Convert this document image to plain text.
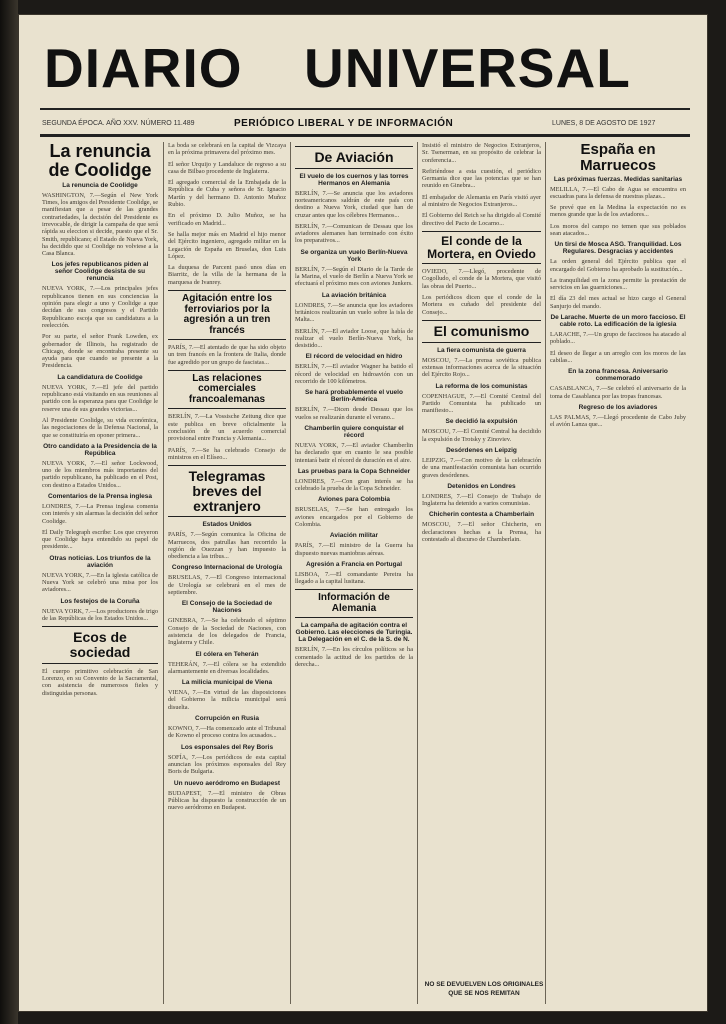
DIARIO UNIVERSAL
SEGUNDA ÉPOCA. AÑO XXV. NÚMERO 11.489	PERIÓDICO LIBERAL Y DE INFORMACIÓN	LUNES, 8 DE AGOSTO DE 1927
La renuncia de Coolidge
La renuncia de Coolidge

WASHINGTON, 7.—Según el New York Times, los amigos del Presidente Coolidge, se manifiestan que a pesar de las grandes contrariedades, la decisión del Presidente es irrevocable, de dirigir la campaña de que será rápida su eleccion si decide, puesto que el Sr. Smith, republicano; el Estado de Nueva York, ha decidido que si Coolidge no volviese a la Casa Blanca.

Los jefes republicanos piden al señor Coolidge desista de su renuncia

NUEVA YORK, 7.—Los principales jefes republicanos tienen en sus conciencias la opinión para elegir a uno y Coolidge a que decidan de sus congresos y el Partido Republicano escoja que su candidatura a la reelección.

Por su parte, el señor Frank Lowden, ex gobernador de Illinois, ha registrado de Chicago, donde se encontraba presente su ayuda para que cuando se presente a la Presidencia.

La candidatura de Coolidge

NUEVA YORK, 7.—El jefe del partido republicano está visitando en sus reuniones al partido con la esperanza para que Coolidge le reserve una de sus grandes victorias...

Al Presidente Coolidge, su vida económica, las negociaciones de la Defensa Nacional, la que se constituiría en oponer primera...

Otro candidato a la Presidencia de la República

NUEVA YORK, 7.—El señor Lockwood, uno de los miembros más importantes del partido republicano, ha publicado en el Post, con destino a Estados Unidos...

Comentarios de la Prensa inglesa

LONDRES, 7.—La Prensa inglesa comenta con interés y sin alarmas la decisión del señor Coolidge.

El Daily Telegraph escribe: Los que creyeron que Coolidge haya entendido su papel de presidente...

Otras noticias. Los triunfos de la aviación

NUEVA YORK, 7.—En la iglesia católica de Nueva York se celebró una misa por los aviadores...

Los festejos de la Coruña

NUEVA YORK, 7.—Los productores de trigo de las Repúblicas de los Estados Unidos...

Ecos de sociedad

El cuerpo primitivo celebración de San Lorenzo, en su Convento de la Sacramental, con asistencia de numerosos fieles y distinguidas personas.

La boda se celebrará en la capital de Vizcaya en la próxima primavera del próximo mes.

El señor Urquijo y Landaluce de regreso a su casa de Bilbao procedente de Inglaterra.

El agregado comercial de la Embajada de la República de Cuba y señora de Sr. Ignacio Martín y del hermano D. Antonio Muñoz Rubio.

En el próximo D. Julio Muñoz, se ha verificado en Madrid...

Se halla mejor más en Madrid el hijo menor del Ejército ingeniero, agregado militar en la Legación de España en Bruselas, don Luis López.

La duquesa de Parcent pasó unos días en Biarritz, de la villa de la hermana de la marquesa de Ivanrey.

Agitación entre los ferroviarios por la agresión a un tren francés

PARÍS, 7.—El atentado de que ha sido objeto un tren francés en la frontera de Italia, donde fue agredido por un grupo de fascistas...

Las relaciones comerciales francoalemanas

BERLÍN, 7.—La Vossische Zeitung dice que este publica en breve oficialmente la conclusión de un acuerdo comercial provisional entre Francia y Alemania...

PARÍS, 7.—Se ha celebrado Consejo de ministros en el Elíseo...

Telegramas breves del extranjero
Estados Unidos

PARÍS, 7.—Según comunica la Oficina de Marruecos, dos patrullas han recorrido la región de Ouezzan y han impuesto la obediencia a las tribus...

Congreso Internacional de Urología

BRUSELAS, 7.—El Congreso internacional de Urología se celebrará en el mes de septiembre.

El Consejo de la Sociedad de Naciones

GINEBRA, 7.—Se ha celebrado el séptimo Consejo de la Sociedad de Naciones, con asistencia de los delegados de Francia, Inglaterra y Chile.

El cólera en Teherán

TEHERÁN, 7.—El cólera se ha extendido alarmantemente en diversas localidades.

La milicia municipal de Viena

VIENA, 7.—En virtud de las disposiciones del Gobierno la milicia municipal será disuelta.

Corrupción en Rusia

KOWNO, 7.—Ha comenzado ante el Tribunal de Kowno el proceso contra los acusados...

Los esponsales del Rey Boris

SOFÍA, 7.—Los periódicos de esta capital anuncian los próximos esponsales del Rey Boris de Bulgaria.

Un nuevo aeródromo en Budapest

BUDAPEST, 7.—El ministro de Obras Públicas ha dispuesto la construcción de un nuevo aeródromo en Budapest.

De Aviación
El vuelo de los cuernos y las torres Hermanos en Alemania

BERLÍN, 7.—Se anuncia que los aviadores norteamericanos saldrán de este país con destino a Nueva York, ciudad que han de cruzar antes que los célebres Hermanos...

BERLÍN, 7.—Comunican de Dessau que los aviadores alemanes han terminado con éxito los preparativos...

Se organiza un vuelo Berlín-Nueva York

BERLÍN, 7.—Según el Diario de la Tarde de la Marina, el vuelo de Berlín a Nueva York se efectuará el próximo mes con aviones Junkers.

La aviación británica

LONDRES, 7.—Se anuncia que los aviadores británicos realizarán un vuelo sobre la isla de Malta...

BERLÍN, 7.—El aviador Loose, que había de realizar el vuelo Berlín-Nueva York, ha desistido...

El récord de velocidad en hidro

BERLÍN, 7.—El aviador Wagner ha batido el récord de velocidad en hidroavión con un recorrido de 100 kilómetros.

Se hará probablemente el vuelo Berlín-América

BERLÍN, 7.—Dicen desde Dessau que los vuelos se realizarán durante el verano...

Chamberlin quiere conquistar el récord

NUEVA YORK, 7.—El aviador Chamberlin ha declarado que en cuanto le sea posible intentará batir el récord de duración en el aire.

Las pruebas para la Copa Schneider

LONDRES, 7.—Con gran interés se ha celebrado la prueba de la Copa Schneider.

Aviones para Colombia

BRUSELAS, 7.—Se han entregado los aviones encargados por el Gobierno de Colombia.

Aviación militar

PARÍS, 7.—El ministro de la Guerra ha dispuesto nuevas maniobras aéreas.

Agresión a Francia en Portugal

LISBOA, 7.—El comandante Pereira ha llegado a la capital lusitana.

Información de Alemania
La campaña de agitación contra el Gobierno. Las elecciones de Turingia. La Delegación en el C. de la S. de N.

BERLÍN, 7.—En los círculos políticos se ha comentado la actitud de los partidos de la derecha...

Insistió el ministro de Negocios Extranjeros, Sr. Tsenerman, en su propósito de celebrar la conferencia...

Refiriéndose a esta cuestión, el periódico Germania dice que las potencias que se han reunido en Ginebra...

El embajador de Alemania en París visitó ayer al ministro de Negocios Extranjeros...

El Gobierno del Reich se ha dirigido al Comité directivo del Pacto de Locarno...

El conde de la Mortera, en Oviedo

OVIEDO, 7.—Llegó, procedente de Cogolludo, el conde de la Mortera, que visitó las obras del Puerto...

Los periódicos dicen que el conde de la Mortera es cuñado del presidente del Consejo...

El comunismo
La fiera comunista de guerra

MOSCOU, 7.—La prensa soviética publica extensas informaciones acerca de la situación del Ejército Rojo...

La reforma de los comunistas

COPENHAGUE, 7.—El Comité Central del Partido Comunista ha publicado un manifiesto...

Se decidió la expulsión

MOSCOU, 7.—El Comité Central ha decidido la expulsión de Trotsky y Zinoviev.

Desórdenes en Leipzig

LEIPZIG, 7.—Con motivo de la celebración de una manifestación comunista han ocurrido graves desórdenes.

Detenidos en Londres

LONDRES, 7.—El Consejo de Trabajo de Inglaterra ha detenido a varios comunistas.

Chicherin contesta a Chamberlain

MOSCOU, 7.—El señor Chicherin, en declaraciones hechas a la Prensa, ha contestado al discurso de Chamberlain.

NO SE DEVUELVEN LOS ORIGINALES QUE SE NOS REMITAN
España en Marruecos
Las próximas fuerzas. Medidas sanitarias

MELILLA, 7.—El Cabo de Agua se encuentra en escuadras para la defensa de nuestras plazas...

Se prevé que en la Medina la expectación no es menos grande que la de los aviadores...

Los moros del campo no temen que sus poblados sean atacados...

Un tirsi de Mosca ASG. Tranquilidad. Los Regulares. Desgracias y accidentes

La orden general del Ejército publica que el encargado del Gobierno ha aprobado la sustitución...

La tranquilidad en la zona permite la prestación de servicios en las guarniciones...

El día 23 del mes actual se hizo cargo el General Sanjurjo del mando.

De Larache. Muerte de un moro faccioso. El cable roto. La edificación de la iglesia

LARACHE, 7.—Un grupo de facciosos ha atacado al poblado...

El deseo de llegar a un arreglo con los moros de las cabilas...

En la zona francesa. Aniversario conmemorado

CASABLANCA, 7.—Se celebró el aniversario de la toma de Casablanca por las tropas francesas.

Regreso de los aviadores

LAS PALMAS, 7.—Llegó procedente de Cabo Juby el avión Lanza que...
